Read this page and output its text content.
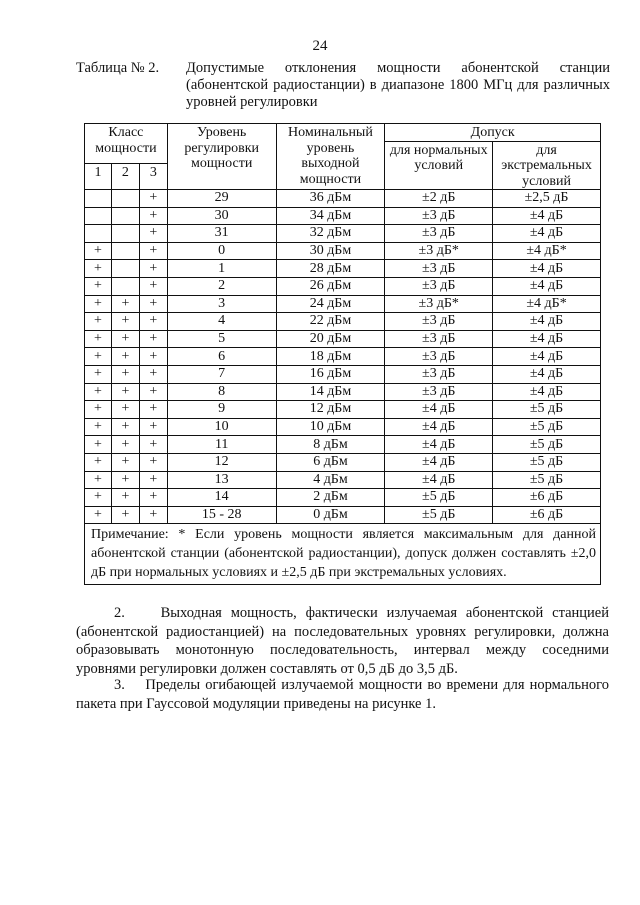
24
Таблица № 2. Допустимые отклонения мощности абонентской станции (абонентской радиостанции) в диапазоне 1800 МГц для различных уровней регулировки
Класс мощности			Уровень регулировки мощности	Номинальный уровень выходной мощности	Допуск	
					для нормальных условий	для экстремальных условий
1	2	3				
		+	29	36 дБм	±2 дБ	±2,5 дБ
		+	30	34 дБм	±3 дБ	±4 дБ
		+	31	32 дБм	±3 дБ	±4 дБ
+		+	0	30 дБм	±3 дБ*	±4 дБ*
+		+	1	28 дБм	±3 дБ	±4 дБ
+		+	2	26 дБм	±3 дБ	±4 дБ
+	+	+	3	24 дБм	±3 дБ*	±4 дБ*
+	+	+	4	22 дБм	±3 дБ	±4 дБ
+	+	+	5	20 дБм	±3 дБ	±4 дБ
+	+	+	6	18 дБм	±3 дБ	±4 дБ
+	+	+	7	16 дБм	±3 дБ	±4 дБ
+	+	+	8	14 дБм	±3 дБ	±4 дБ
+	+	+	9	12 дБм	±4 дБ	±5 дБ
+	+	+	10	10 дБм	±4 дБ	±5 дБ
+	+	+	11	8 дБм	±4 дБ	±5 дБ
+	+	+	12	6 дБм	±4 дБ	±5 дБ
+	+	+	13	4 дБм	±4 дБ	±5 дБ
+	+	+	14	2 дБм	±5 дБ	±6 дБ
+	+	+	15 - 28	0 дБм	±5 дБ	±6 дБ
Примечание: * Если уровень мощности является максимальным для данной абонентской станции (абонентской радиостанции), допуск должен составлять ±2,0 дБ при нормальных условиях и ±2,5 дБ при экстремальных условиях.						
2. Выходная мощность, фактически излучаемая абонентской станцией (абонентской радиостанцией) на последовательных уровнях регулировки, должна образовывать монотонную последовательность, интервал между соседними уровнями регулировки должен составлять от 0,5 дБ до 3,5 дБ.
3. Пределы огибающей излучаемой мощности во времени для нормального пакета при Гауссовой модуляции приведены на рисунке 1.
